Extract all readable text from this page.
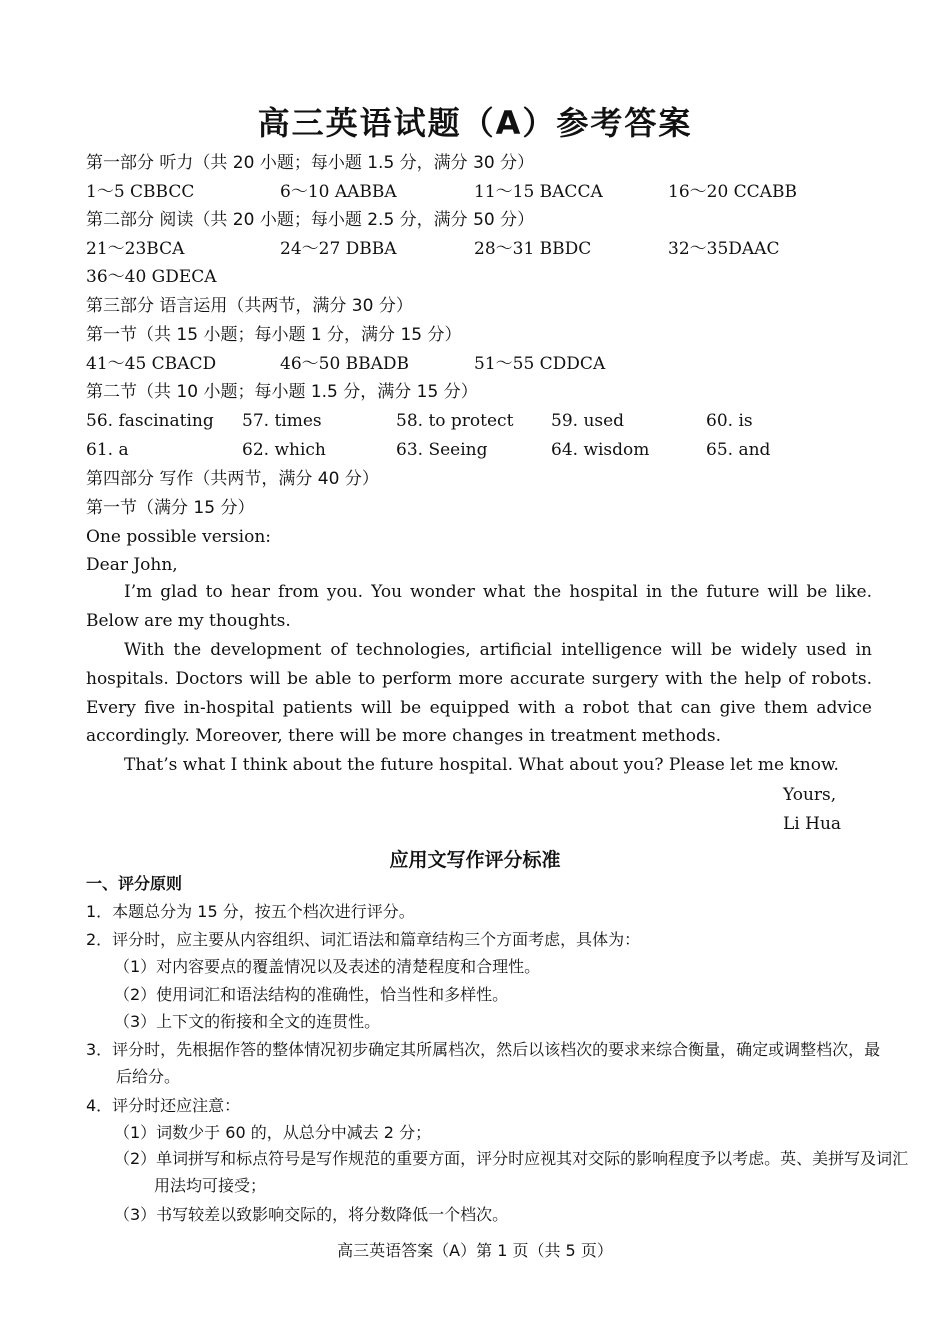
高三英语试题（A）参考答案
第一部分 听力（共 20 小题；每小题 1.5 分，满分 30 分）
1～5 CBBCC	6～10 AABBA	11～15 BACCA	16～20 CCABB
第二部分 阅读（共 20 小题；每小题 2.5 分，满分 50 分）
21～23BCA	24～27 DBBA	28～31 BBDC	32～35DAAC
36～40 GDECA
第三部分 语言运用（共两节，满分 30 分）
第一节（共 15 小题；每小题 1 分，满分 15 分）
41～45 CBACD	46～50 BBADB	51～55 CDDCA
第二节（共 10 小题；每小题 1.5 分，满分 15 分）
56. fascinating 57. times	58. to protect 59. used	60. is
61. a	62. which	63. Seeing	64. wisdom	65. and
第四部分 写作（共两节，满分 40 分）
第一节（满分 15 分）
One possible version:
Dear John,

I’m glad to hear from you. You wonder what the hospital in the future will be like. Below are my thoughts.

With the development of technologies, artificial intelligence will be widely used in hospitals. Doctors will be able to perform more accurate surgery with the help of robots. Every five in-hospital patients will be equipped with a robot that can give them advice accordingly. Moreover, there will be more changes in treatment methods.

That’s what I think about the future hospital. What about you? Please let me know.

Yours,
Li Hua
应用文写作评分标准
一、评分原则
1．本题总分为 15 分，按五个档次进行评分。
2．评分时，应主要从内容组织、词汇语法和篇章结构三个方面考虑，具体为：
（1）对内容要点的覆盖情况以及表述的清楚程度和合理性。
（2）使用词汇和语法结构的准确性，恰当性和多样性。
（3）上下文的衔接和全文的连贯性。
3．评分时，先根据作答的整体情况初步确定其所属档次，然后以该档次的要求来综合衡量，确定或调整档次，最后给分。
4．评分时还应注意：
（1）词数少于 60 的，从总分中减去 2 分；
（2）单词拼写和标点符号是写作规范的重要方面，评分时应视其对交际的影响程度予以考虑。英、美拼写及词汇用法均可接受；
（3）书写较差以致影响交际的，将分数降低一个档次。
高三英语答案（A）第 1 页（共 5 页）
